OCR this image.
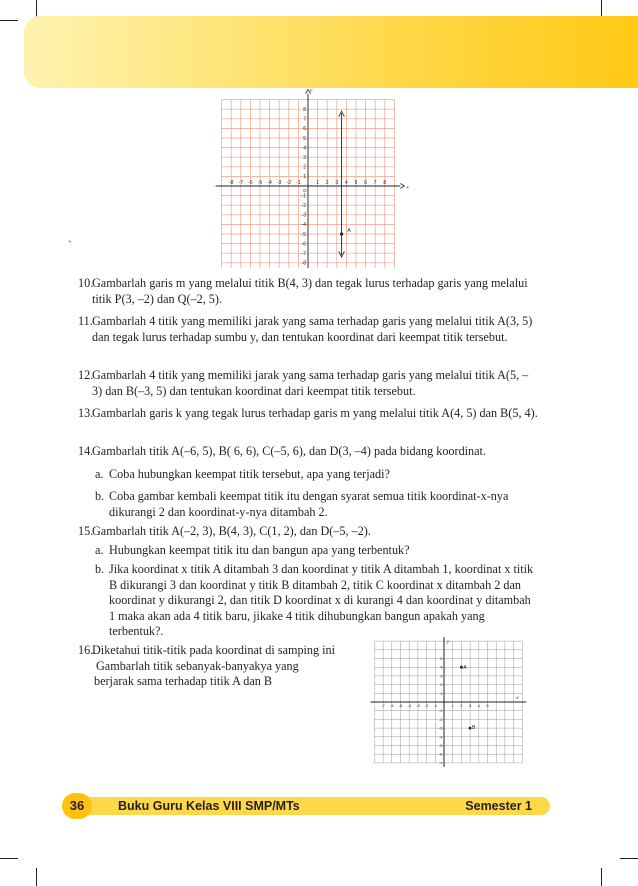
x
y
O
-8 -7 -6 -5 -4 -3 -2 -1	1 2 3 4 5 6 7 8
8
7
6
5
4
3
2
1
-1
-2
-3
-4
-5
-6
-7
-8
A
`
10.
Gambarlah garis m yang melalui titik B(4, 3) dan tegak lurus terhadap garis yang melalui titik P(3, –2) dan Q(–2, 5).
11. Gambarlah 4 titik yang memiliki jarak yang sama terhadap garis yang melalui titik A(3, 5) dan tegak lurus terhadap sumbu y, dan tentukan koordinat dari keempat titik tersebut.
12.
Gambarlah 4 titik yang memiliki jarak yang sama terhadap garis yang melalui titik A(5, –3) dan B(–3, 5) dan tentukan koordinat dari keempat titik tersebut.
13.
Gambarlah garis k yang tegak lurus terhadap garis m yang melalui titik A(4, 5) dan B(5, 4).
14.
Gambarlah titik A(–6, 5), B( 6, 6), C(–5, 6), dan D(3, –4) pada bidang koordinat.
a. Coba hubungkan keempat titik tersebut, apa yang terjadi?
b. Coba gambar kembali keempat titik itu dengan syarat semua titik koordinat-x-nya dikurangi 2 dan koordinat-y-nya ditambah 2.
15.
Gambarlah titik A(–2, 3), B(4, 3), C(1, 2), dan D(–5, –2).
a. Hubungkan keempat titik itu dan bangun apa yang terbentuk?
b. Jika koordinat x titik A ditambah 3 dan koordinat y titik A ditambah 1, koordinat x titik B dikurangi 3 dan koordinat y titik B ditambah 2, titik C koordinat x ditambah 2 dan koordinat y dikurangi 2, dan titik D koordinat x di kurangi 4 dan koordinat y ditambah 1 maka akan ada 4 titik baru, jikake 4 titik dihubungkan bangun apakah yang terbentuk?.
16.
Diketahui titik-titik pada koordinat di samping ini
Gambarlah titik sebanyak-banyakya yang
berjarak sama terhadap titik A dan B
x
y
-7 -6 -5 -4 -3 -2 -1	1 2 3 4 5
5
4
3
2
1
-1
-2
-3
-4
-5
-6
-7
A
B
36	Buku Guru Kelas VIII SMP/MTs	Semester 1
